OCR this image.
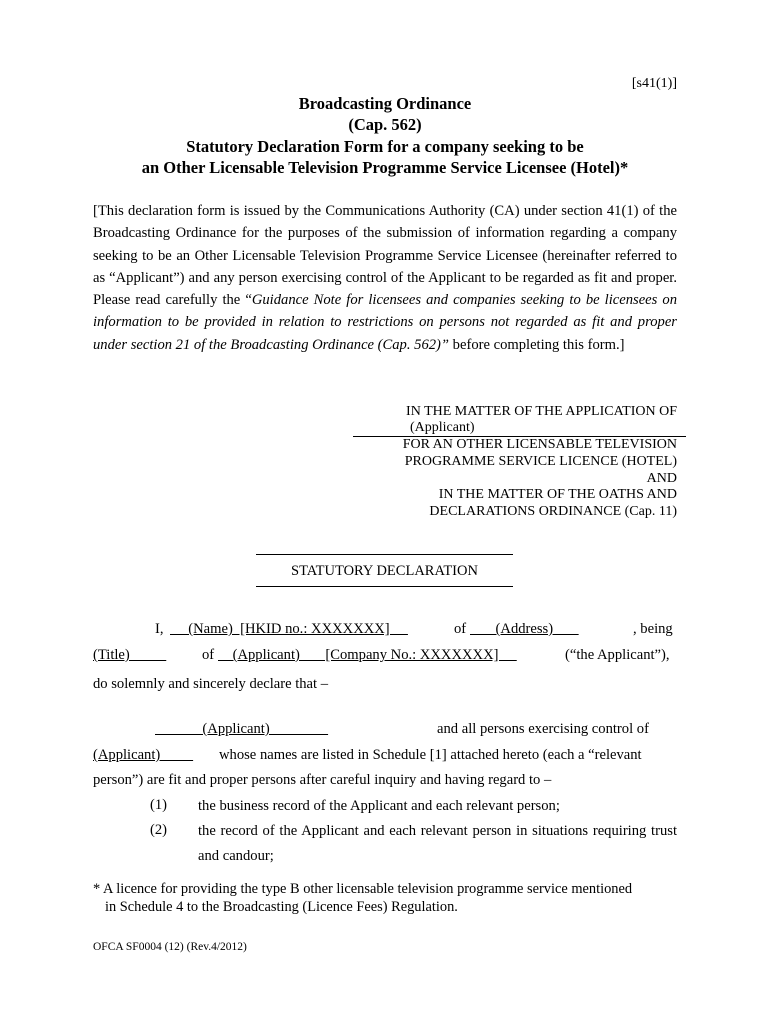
[s41(1)]
Broadcasting Ordinance
(Cap. 562)
Statutory Declaration Form for a company seeking to be
an Other Licensable Television Programme Service Licensee (Hotel)*
[This declaration form is issued by the Communications Authority (CA) under section 41(1) of the Broadcasting Ordinance for the purposes of the submission of information regarding a company seeking to be an Other Licensable Television Programme Service Licensee (hereinafter referred to as “Applicant”) and any person exercising control of the Applicant to be regarded as fit and proper. Please read carefully the “Guidance Note for licensees and companies seeking to be licensees on information to be provided in relation to restrictions on persons not regarded as fit and proper under section 21 of the Broadcasting Ordinance (Cap. 562)” before completing this form.]
IN THE MATTER OF THE APPLICATION OF
(Applicant)
FOR AN OTHER LICENSABLE TELEVISION
PROGRAMME SERVICE LICENCE (HOTEL)
AND
IN THE MATTER OF THE OATHS AND
DECLARATIONS ORDINANCE (Cap. 11)
STATUTORY DECLARATION
I, (Name)  [HKID no.: XXXXXXX]	of (Address)	, being
(Title) of (Applicant)       [Company No.: XXXXXXX]	(“the Applicant”),
do solemnly and sincerely declare that –
(Applicant)	and all persons exercising control of
(Applicant) whose names are listed in Schedule [1] attached hereto (each a “relevant
person”) are fit and proper persons after careful inquiry and having regard to –
(1) the business record of the Applicant and each relevant person;
(2) the record of the Applicant and each relevant person in situations requiring trust and candour;
* A licence for providing the type B other licensable television programme service mentioned
in Schedule 4 to the Broadcasting (Licence Fees) Regulation.
OFCA SF0004 (12) (Rev.4/2012)
